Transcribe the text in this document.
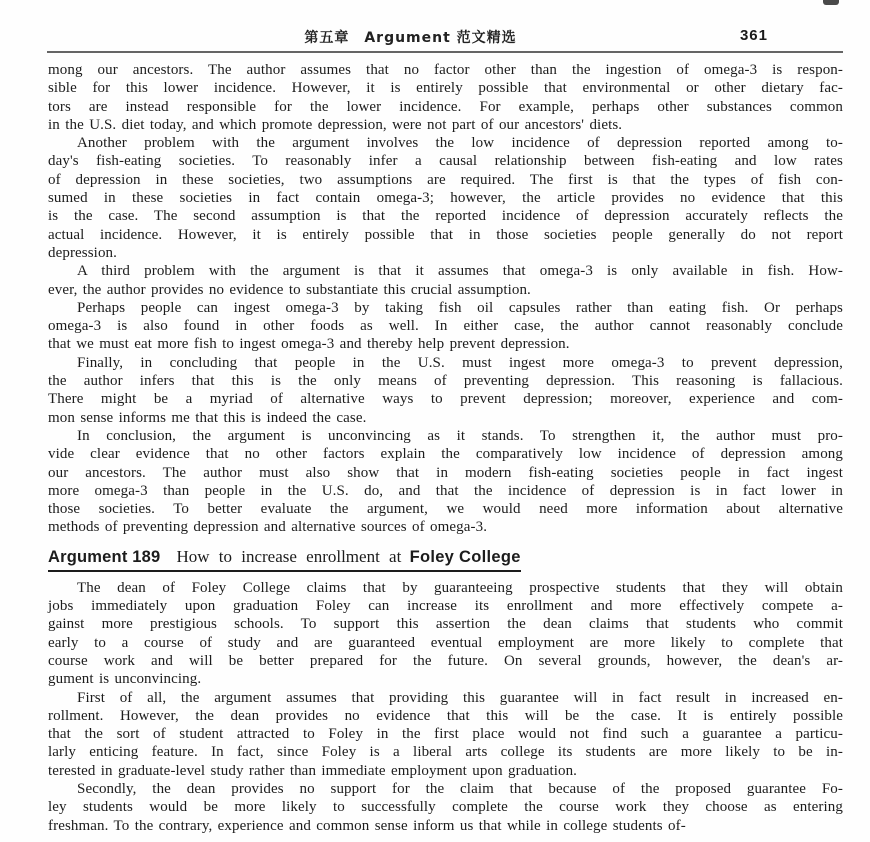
第五章　Argument 范文精选	361
mong our ancestors. The author assumes that no factor other than the ingestion of omega-3 is respon-
sible for this lower incidence. However, it is entirely possible that environmental or other dietary fac-
tors are instead responsible for the lower incidence. For example, perhaps other substances common
in the U.S. diet today, and which promote depression, were not part of our ancestors' diets.
Another problem with the argument involves the low incidence of depression reported among to-
day's fish-eating societies. To reasonably infer a causal relationship between fish-eating and low rates
of depression in these societies, two assumptions are required. The first is that the types of fish con-
sumed in these societies in fact contain omega-3; however, the article provides no evidence that this
is the case. The second assumption is that the reported incidence of depression accurately reflects the
actual incidence. However, it is entirely possible that in those societies people generally do not report
depression.
A third problem with the argument is that it assumes that omega-3 is only available in fish. How-
ever, the author provides no evidence to substantiate this crucial assumption.
Perhaps people can ingest omega-3 by taking fish oil capsules rather than eating fish. Or perhaps
omega-3 is also found in other foods as well. In either case, the author cannot reasonably conclude
that we must eat more fish to ingest omega-3 and thereby help prevent depression.
Finally, in concluding that people in the U.S. must ingest more omega-3 to prevent depression,
the author infers that this is the only means of preventing depression. This reasoning is fallacious.
There might be a myriad of alternative ways to prevent depression; moreover, experience and com-
mon sense informs me that this is indeed the case.
In conclusion, the argument is unconvincing as it stands. To strengthen it, the author must pro-
vide clear evidence that no other factors explain the comparatively low incidence of depression among
our ancestors. The author must also show that in modern fish-eating societies people in fact ingest
more omega-3 than people in the U.S. do, and that the incidence of depression is in fact lower in
those societies. To better evaluate the argument, we would need more information about alternative
methods of preventing depression and alternative sources of omega-3.
Argument 189 How to increase enrollment at Foley College
The dean of Foley College claims that by guaranteeing prospective students that they will obtain
jobs immediately upon graduation Foley can increase its enrollment and more effectively compete a-
gainst more prestigious schools. To support this assertion the dean claims that students who commit
early to a course of study and are guaranteed eventual employment are more likely to complete that
course work and will be better prepared for the future. On several grounds, however, the dean's ar-
gument is unconvincing.
First of all, the argument assumes that providing this guarantee will in fact result in increased en-
rollment. However, the dean provides no evidence that this will be the case. It is entirely possible
that the sort of student attracted to Foley in the first place would not find such a guarantee a particu-
larly enticing feature. In fact, since Foley is a liberal arts college its students are more likely to be in-
terested in graduate-level study rather than immediate employment upon graduation.
Secondly, the dean provides no support for the claim that because of the proposed guarantee Fo-
ley students would be more likely to successfully complete the course work they choose as entering
freshman. To the contrary, experience and common sense inform us that while in college students of-
